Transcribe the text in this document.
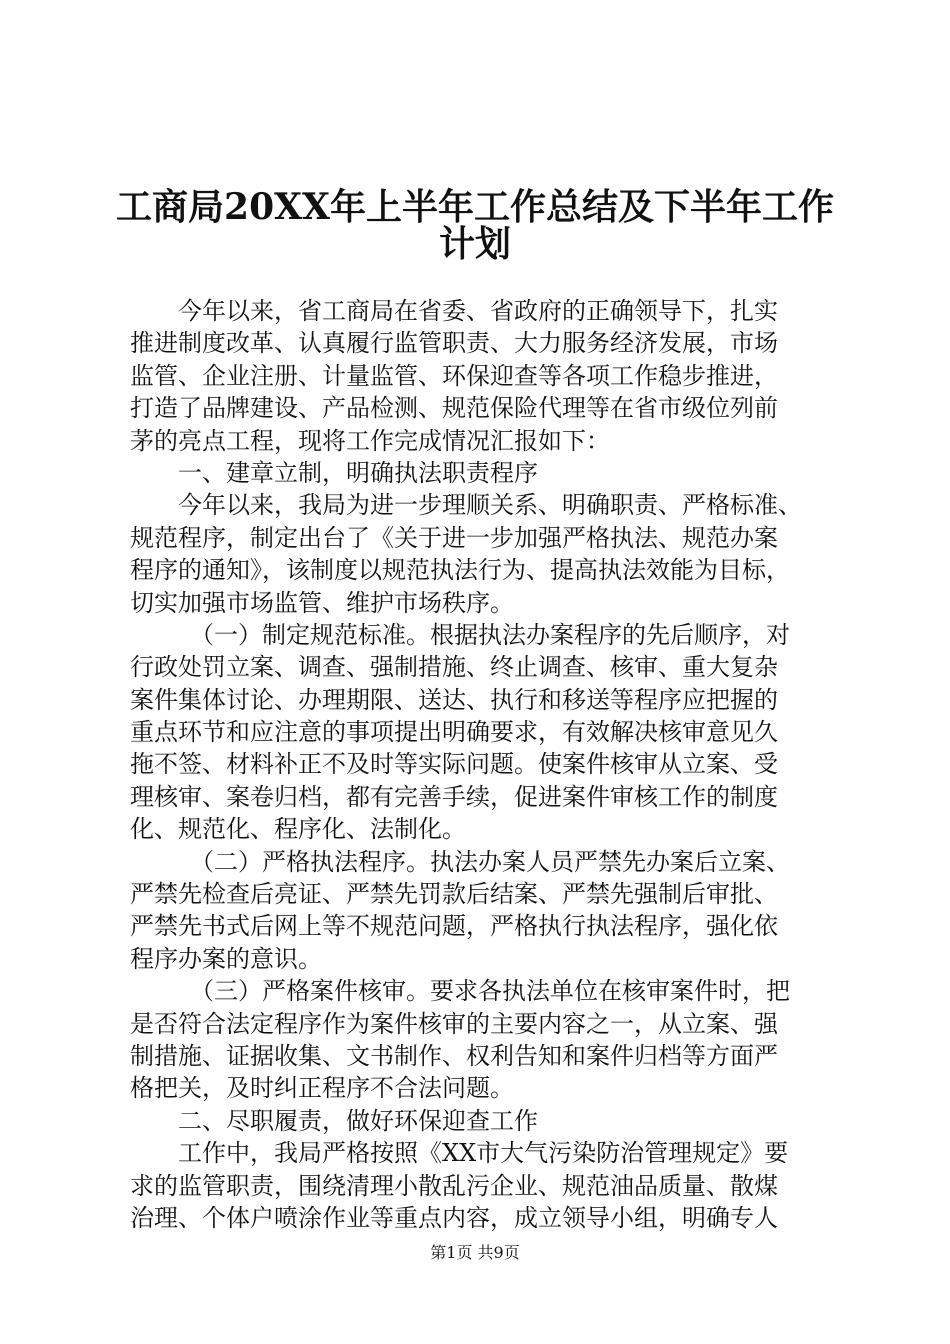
工商局20XX年上半年工作总结及下半年工作
计划
今年以来，省工商局在省委、省政府的正确领导下，扎实
推进制度改革、认真履行监管职责、大力服务经济发展，市场
监管、企业注册、计量监管、环保迎查等各项工作稳步推进，
打造了品牌建设、产品检测、规范保险代理等在省市级位列前
茅的亮点工程，现将工作完成情况汇报如下：
一、建章立制，明确执法职责程序
今年以来，我局为进一步理顺关系、明确职责、严格标准、
规范程序，制定出台了《关于进一步加强严格执法、规范办案
程序的通知》，该制度以规范执法行为、提高执法效能为目标，
切实加强市场监管、维护市场秩序。
（一）制定规范标准。根据执法办案程序的先后顺序，对
行政处罚立案、调查、强制措施、终止调查、核审、重大复杂
案件集体讨论、办理期限、送达、执行和移送等程序应把握的
重点环节和应注意的事项提出明确要求，有效解决核审意见久
拖不签、材料补正不及时等实际问题。使案件核审从立案、受
理核审、案卷归档，都有完善手续，促进案件审核工作的制度
化、规范化、程序化、法制化。
（二）严格执法程序。执法办案人员严禁先办案后立案、
严禁先检查后亮证、严禁先罚款后结案、严禁先强制后审批、
严禁先书式后网上等不规范问题，严格执行执法程序，强化依
程序办案的意识。
（三）严格案件核审。要求各执法单位在核审案件时，把
是否符合法定程序作为案件核审的主要内容之一，从立案、强
制措施、证据收集、文书制作、权利告知和案件归档等方面严
格把关，及时纠正程序不合法问题。
二、尽职履责，做好环保迎查工作
工作中，我局严格按照《XX市大气污染防治管理规定》要
求的监管职责，围绕清理小散乱污企业、规范油品质量、散煤
治理、个体户喷涂作业等重点内容，成立领导小组，明确专人
第1页 共9页
